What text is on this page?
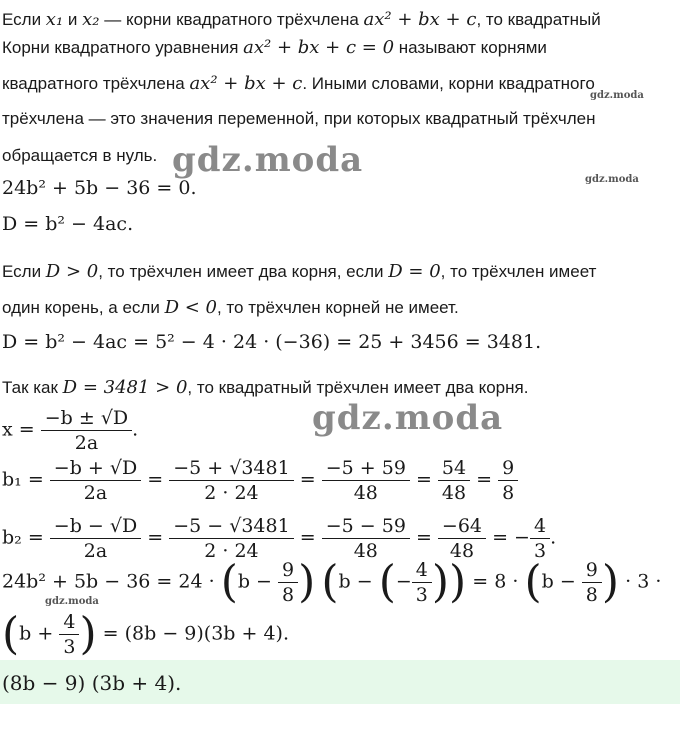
Если x₁ и x₂ — корни квадратного трёхчлена ax² + bx + c, то квадратный
Корни квадратного уравнения ax² + bx + c = 0 называют корнями
квадратного трёхчлена ax² + bx + c. Иными словами, корни квадратного
трёхчлена — это значения переменной, при которых квадратный трёхчлен
обращается в нуль.
24b² + 5b − 36 = 0.
D = b² − 4ac.
Если D > 0, то трёхчлен имеет два корня, если D = 0, то трёхчлен имеет
один корень, а если D < 0, то трёхчлен корней не имеет.
D = b² − 4ac = 5² − 4 · 24 · (−36) = 25 + 3456 = 3481.
Так как D = 3481 > 0, то квадратный трёхчлен имеет два корня.
$x = \frac{-b \pm √D}{2a}$ .
$b_1 = \frac{-b + √D}{2a} = \frac{-5 + √3481}{2 \cdot 24} = \frac{-5 + 59}{48} = \frac{54}{48} = \frac{9}{8}$
$b_2 = \frac{-b - √D}{2a} = \frac{-5 - √3481}{2 \cdot 24} = \frac{-5 - 59}{48} = \frac{-64}{48}$ = − $\frac{4}{3}$ .
$24b^2 + 5b - 36 = 24 \cdot (b - \frac{9}{8}$ ) (b − (− $\frac{4}{3}$ )) = $8 \cdot (b - \frac{9}{8}$ ) · 3 ·
($b + \frac{4}{3}$ ) = (8b − 9)(3b + 4).
(8b − 9) (3b + 4).
gdz.moda
gdz.moda
gdz.moda
gdz.moda
gdz.moda
